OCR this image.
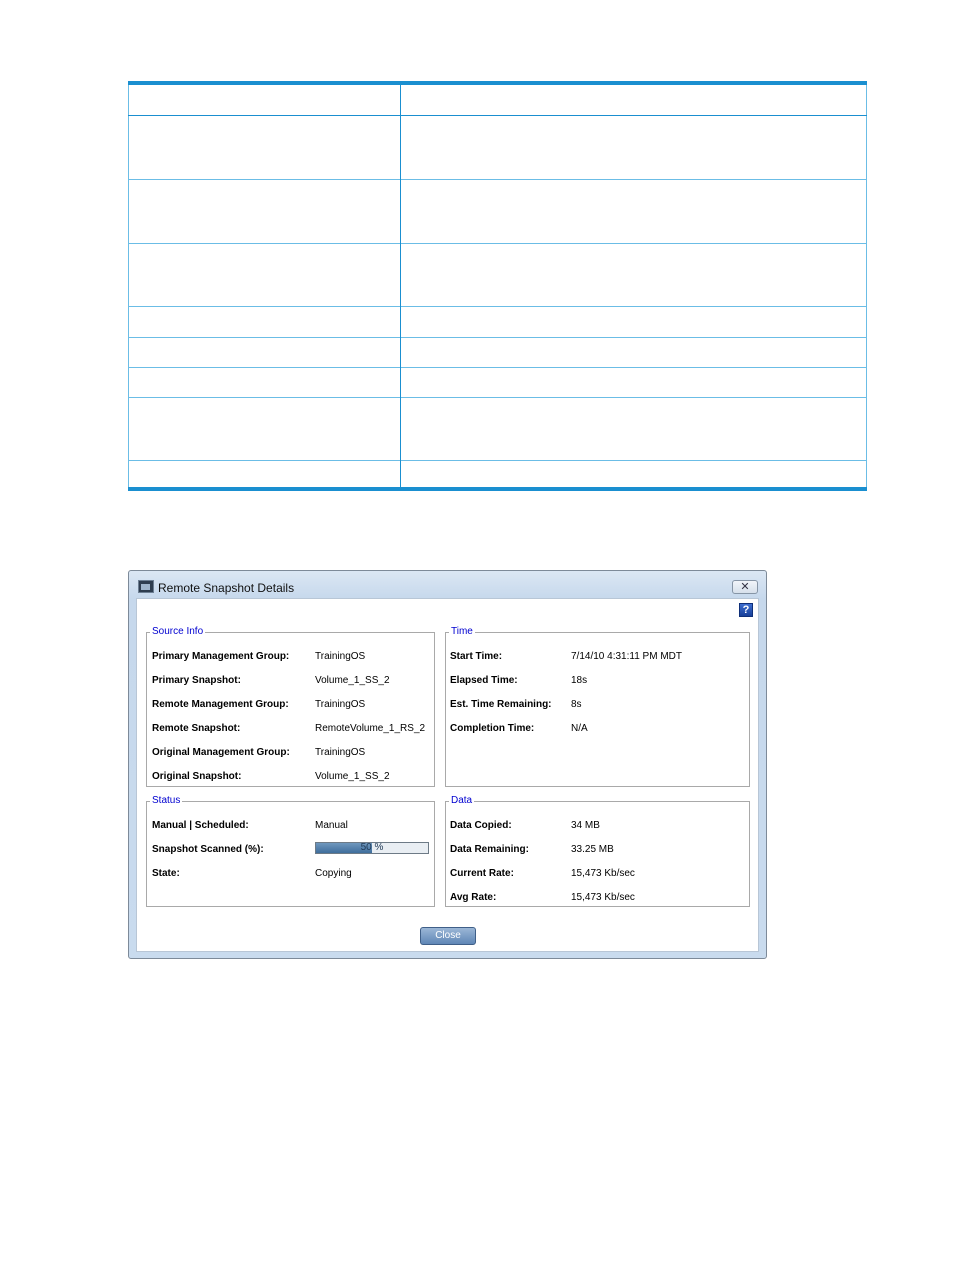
Remote Snapshot Details	✕
?
Source Info
Primary Management Group:	TrainingOS
Primary Snapshot:	Volume_1_SS_2
Remote Management Group:	TrainingOS
Remote Snapshot:	RemoteVolume_1_RS_2
Original Management Group:	TrainingOS
Original Snapshot:	Volume_1_SS_2
Time
Start Time:	7/14/10 4:31:11 PM MDT
Elapsed Time:	18s
Est. Time Remaining: 8s
Completion Time:	N/A
Status
Manual | Scheduled:	Manual
Snapshot Scanned (%):	50 %
State:	Copying
Data
Data Copied:	34 MB
Data Remaining:	33.25 MB
Current Rate:	15,473 Kb/sec
Avg Rate:	15,473 Kb/sec
Close
